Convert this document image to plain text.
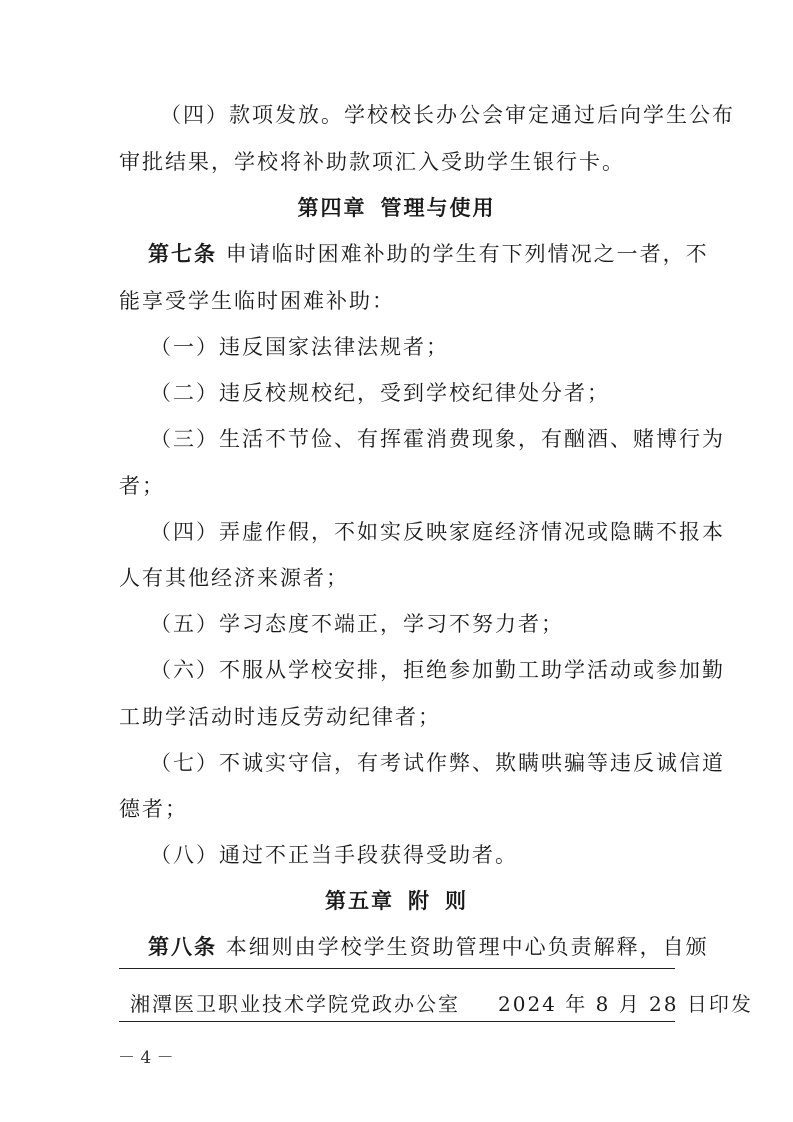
（四）款项发放。学校校长办公会审定通过后向学生公布
审批结果，学校将补助款项汇入受助学生银行卡。
第四章 管理与使用
第七条 申请临时困难补助的学生有下列情况之一者，不
能享受学生临时困难补助：
（一）违反国家法律法规者；
（二）违反校规校纪，受到学校纪律处分者；
（三）生活不节俭、有挥霍消费现象，有酗酒、赌博行为
者；
（四）弄虚作假，不如实反映家庭经济情况或隐瞒不报本
人有其他经济来源者；
（五）学习态度不端正，学习不努力者；
（六）不服从学校安排，拒绝参加勤工助学活动或参加勤
工助学活动时违反劳动纪律者；
（七）不诚实守信，有考试作弊、欺瞒哄骗等违反诚信道
德者；
（八）通过不正当手段获得受助者。
第五章 附 则
第八条 本细则由学校学生资助管理中心负责解释，自颁
湘潭医卫职业技术学院党政办公室 2024 年 8 月 28 日印发
－ 4 －
